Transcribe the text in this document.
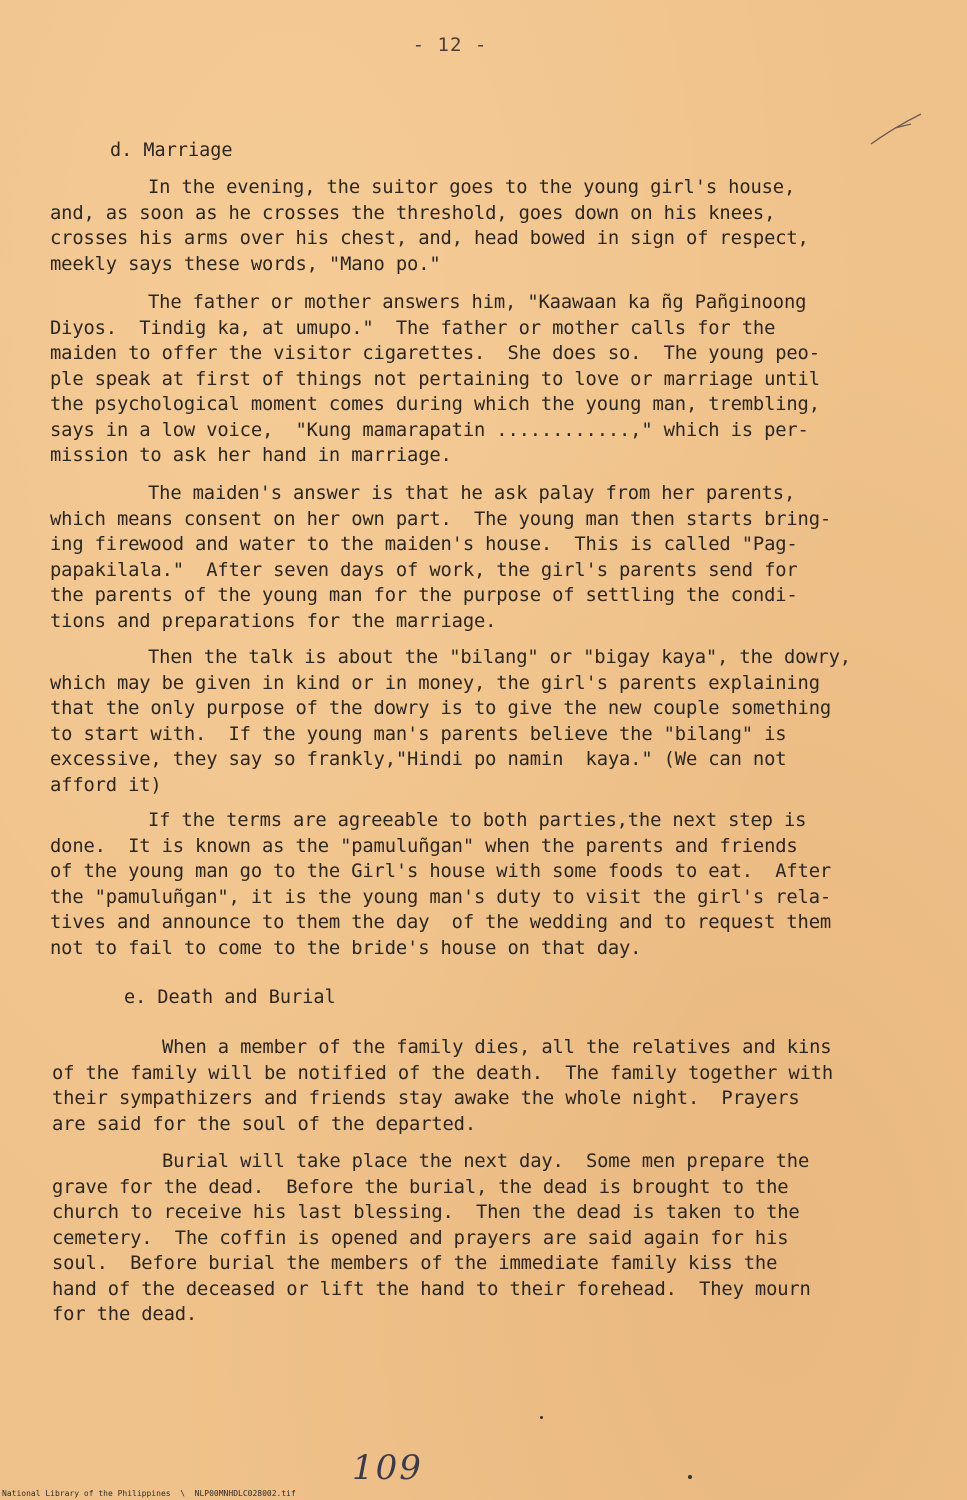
- 12 -
d. Marriage
In the evening, the suitor goes to the young girl's house,
and, as soon as he crosses the threshold, goes down on his knees,
crosses his arms over his chest, and, head bowed in sign of respect,
meekly says these words, "Mano po."
The father or mother answers him, "Kaawaan ka ñg Pañginoong
Diyos.  Tindig ka, at umupo."  The father or mother calls for the
maiden to offer the visitor cigarettes.  She does so.  The young peo-
ple speak at first of things not pertaining to love or marriage until
the psychological moment comes during which the young man, trembling,
says in a low voice,  "Kung mamarapatin ............," which is per-
mission to ask her hand in marriage.
The maiden's answer is that he ask palay from her parents,
which means consent on her own part.  The young man then starts bring-
ing firewood and water to the maiden's house.  This is called "Pag-
papakilala."  After seven days of work, the girl's parents send for
the parents of the young man for the purpose of settling the condi-
tions and preparations for the marriage.
Then the talk is about the "bilang" or "bigay kaya", the dowry,
which may be given in kind or in money, the girl's parents explaining
that the only purpose of the dowry is to give the new couple something
to start with.  If the young man's parents believe the "bilang" is
excessive, they say so frankly,"Hindi po namin  kaya." (We can not
afford it)
If the terms are agreeable to both parties,the next step is
done.  It is known as the "pamuluñgan" when the parents and friends
of the young man go to the Girl's house with some foods to eat.  After
the "pamuluñgan", it is the young man's duty to visit the girl's rela-
tives and announce to them the day  of the wedding and to request them
not to fail to come to the bride's house on that day.
e. Death and Burial
When a member of the family dies, all the relatives and kins
of the family will be notified of the death.  The family together with
their sympathizers and friends stay awake the whole night.  Prayers
are said for the soul of the departed.
Burial will take place the next day.  Some men prepare the
grave for the dead.  Before the burial, the dead is brought to the
church to receive his last blessing.  Then the dead is taken to the
cemetery.  The coffin is opened and prayers are said again for his
soul.  Before burial the members of the immediate family kiss the
hand of the deceased or lift the hand to their forehead.  They mourn
for the dead.
109
National Library of the Philippines  \  NLP00MNHDLC028002.tif
